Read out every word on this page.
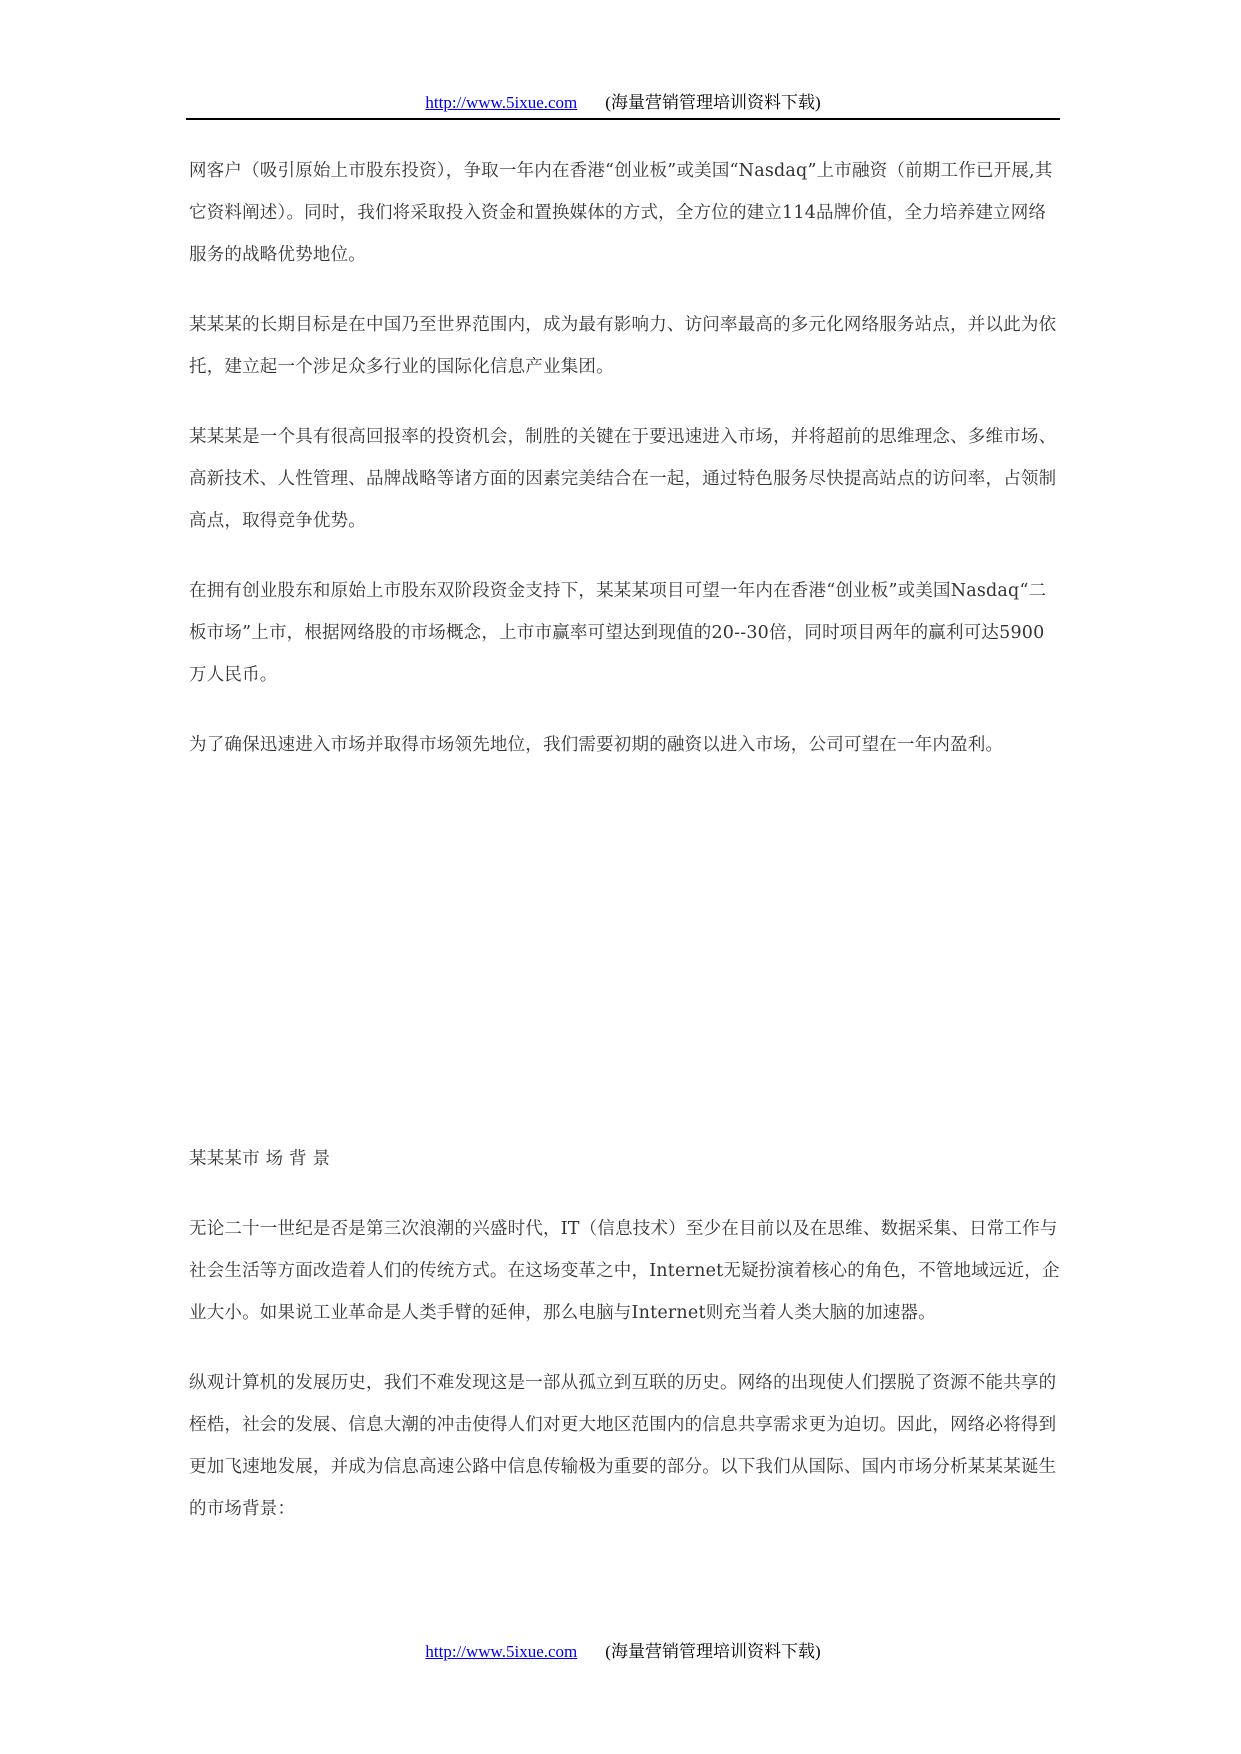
http://www.5ixue.com (海量营销管理培训资料下载)

网客户（吸引原始上市股东投资），争取一年内在香港“创业板”或美国“Nasdaq”上市融资（前期工作已开展,其它资料阐述）。同时，我们将采取投入资金和置换媒体的方式，全方位的建立114品牌价值，全力培养建立网络服务的战略优势地位。

某某某的长期目标是在中国乃至世界范围内，成为最有影响力、访问率最高的多元化网络服务站点，并以此为依托，建立起一个涉足众多行业的国际化信息产业集团。

某某某是一个具有很高回报率的投资机会，制胜的关键在于要迅速进入市场，并将超前的思维理念、多维市场、高新技术、人性管理、品牌战略等诸方面的因素完美结合在一起，通过特色服务尽快提高站点的访问率，占领制高点，取得竞争优势。

在拥有创业股东和原始上市股东双阶段资金支持下，某某某项目可望一年内在香港“创业板”或美国Nasdaq“二板市场”上市，根据网络股的市场概念，上市市赢率可望达到现值的20--30倍，同时项目两年的赢利可达5900万人民币。

为了确保迅速进入市场并取得市场领先地位，我们需要初期的融资以进入市场，公司可望在一年内盈利。

某某某市 场 背 景

无论二十一世纪是否是第三次浪潮的兴盛时代，IT（信息技术）至少在目前以及在思维、数据采集、日常工作与社会生活等方面改造着人们的传统方式。在这场变革之中，Internet无疑扮演着核心的角色，不管地域远近，企业大小。如果说工业革命是人类手臂的延伸，那么电脑与Internet则充当着人类大脑的加速器。

纵观计算机的发展历史，我们不难发现这是一部从孤立到互联的历史。网络的出现使人们摆脱了资源不能共享的桎梏，社会的发展、信息大潮的冲击使得人们对更大地区范围内的信息共享需求更为迫切。因此，网络必将得到更加飞速地发展，并成为信息高速公路中信息传输极为重要的部分。以下我们从国际、国内市场分析某某某诞生的市场背景：

http://www.5ixue.com (海量营销管理培训资料下载)
